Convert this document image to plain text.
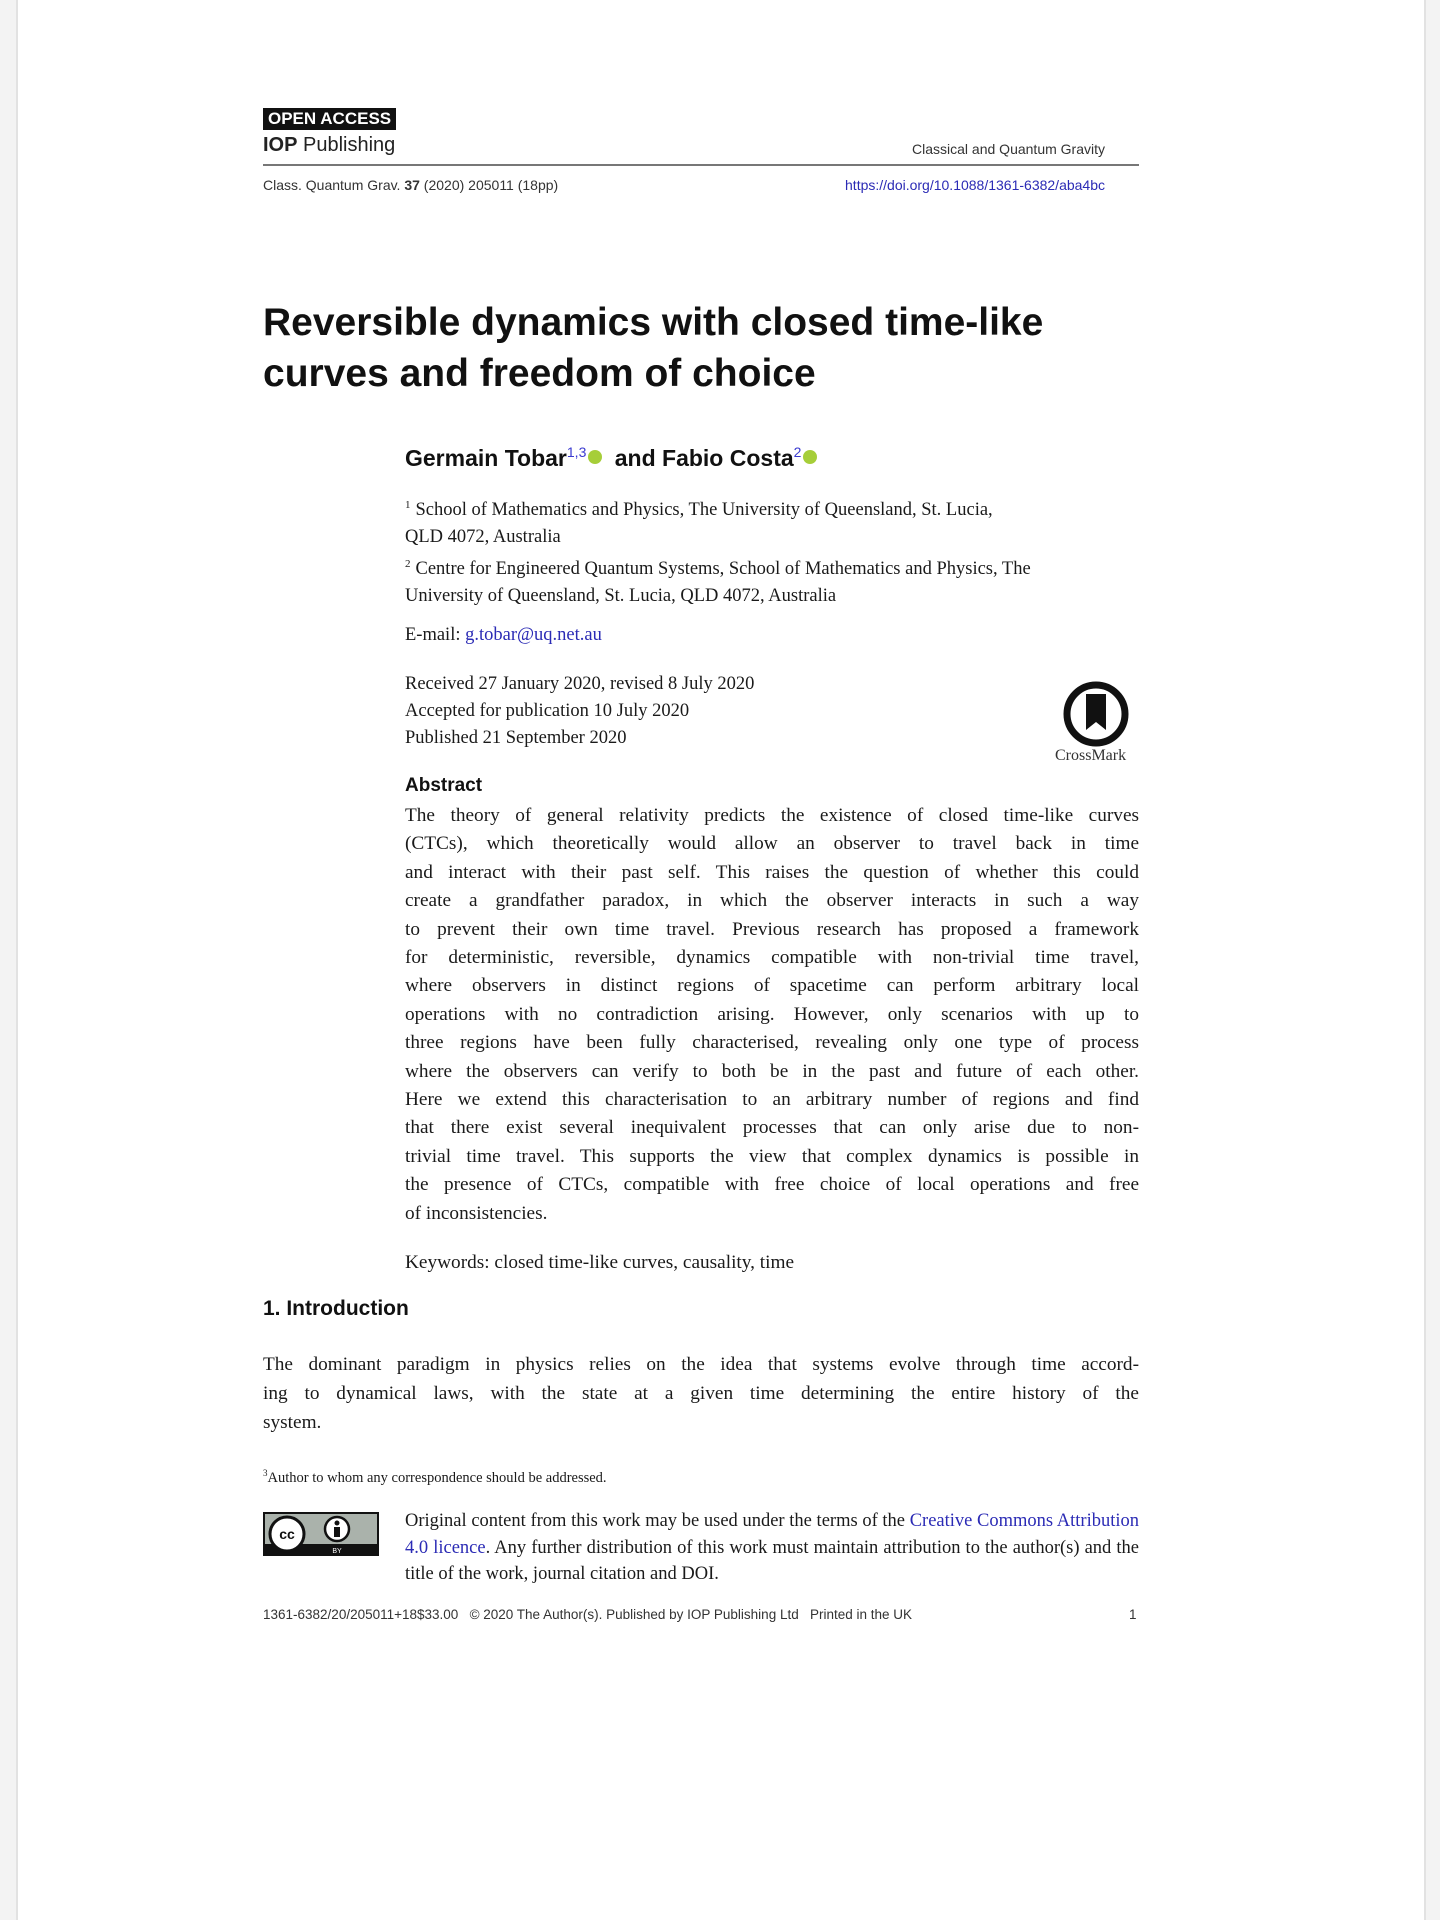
OPEN ACCESS
IOP Publishing	Classical and Quantum Gravity
Class. Quantum Grav. 37 (2020) 205011 (18pp)	https://doi.org/10.1088/1361-6382/aba4bc
Reversible dynamics with closed time-like
curves and freedom of choice
Germain Tobar$^{1,3}$ and Fabio Costa$^2$
$^1$ School of Mathematics and Physics, The University of Queensland, St. Lucia,
QLD 4072, Australia
$^2$ Centre for Engineered Quantum Systems, School of Mathematics and Physics, The
University of Queensland, St. Lucia, QLD 4072, Australia
E-mail: g.tobar@uq.net.au
Received 27 January 2020, revised 8 July 2020
Accepted for publication 10 July 2020
Published 21 September 2020
CrossMark
Abstract
The theory of general relativity predicts the existence of closed time-like curves
(CTCs), which theoretically would allow an observer to travel back in time
and interact with their past self. This raises the question of whether this could
create a grandfather paradox, in which the observer interacts in such a way
to prevent their own time travel. Previous research has proposed a framework
for deterministic, reversible, dynamics compatible with non-trivial time travel,
where observers in distinct regions of spacetime can perform arbitrary local
operations with no contradiction arising. However, only scenarios with up to
three regions have been fully characterised, revealing only one type of process
where the observers can verify to both be in the past and future of each other.
Here we extend this characterisation to an arbitrary number of regions and find
that there exist several inequivalent processes that can only arise due to non-
trivial time travel. This supports the view that complex dynamics is possible in
the presence of CTCs, compatible with free choice of local operations and free
of inconsistencies.
Keywords: closed time-like curves, causality, time
1. Introduction
The dominant paradigm in physics relies on the idea that systems evolve through time accord-
ing to dynamical laws, with the state at a given time determining the entire history of the
system.
$^3$Author to whom any correspondence should be addressed.
cc
BY
Original content from this work may be used under the terms of the Creative Commons Attribution 4.0 licence. Any further distribution of this work must maintain attribution to the author(s) and the title of the work, journal citation and DOI.
1361-6382/20/205011+18$33.00   © 2020 The Author(s). Published by IOP Publishing Ltd   Printed in the UK	1
